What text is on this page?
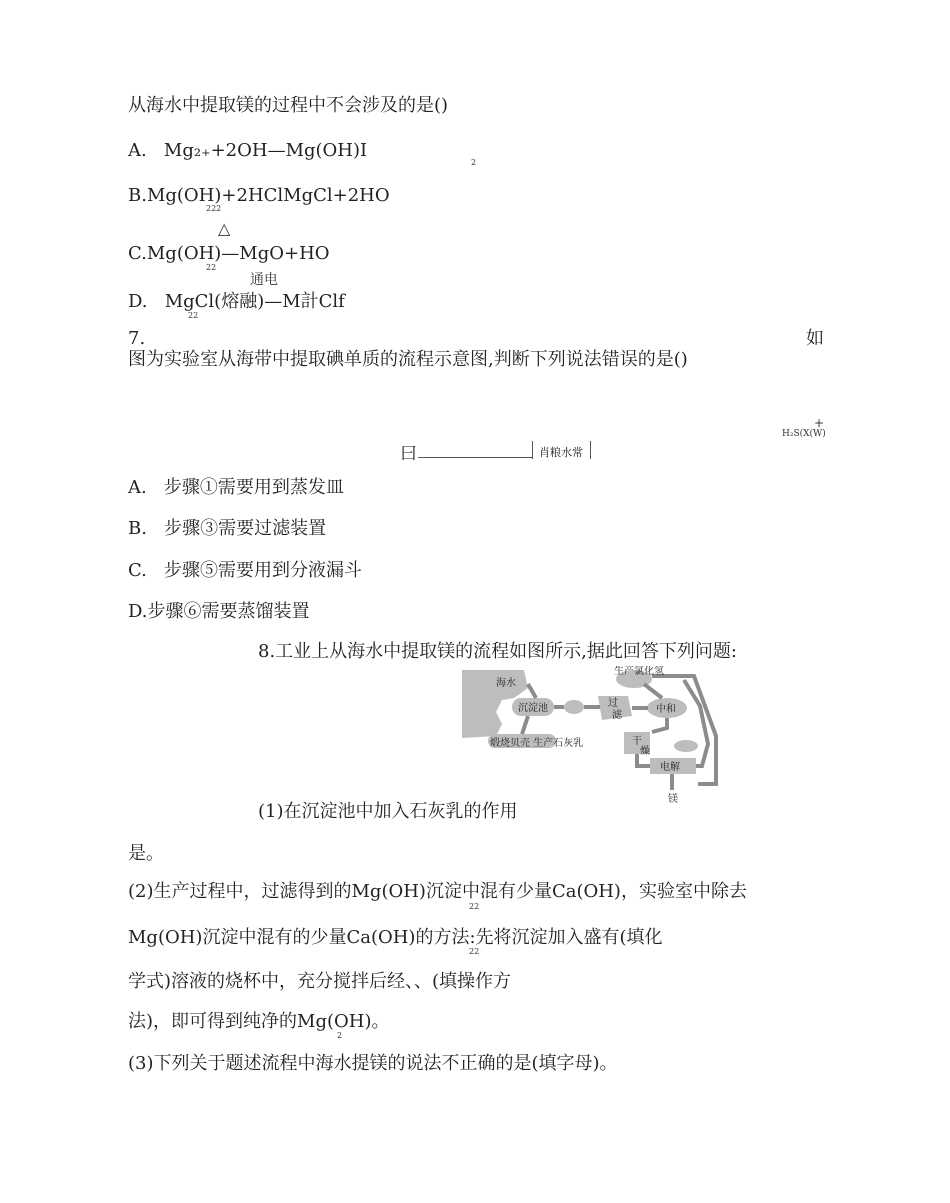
从海水中提取镁的过程中不会涉及的是()
A. Mg₂₊+2OH—Mg(OH)I
2
B.Mg(OH)+2HClMgCl+2HO
222
△
C.Mg(OH)—MgO+HO
22
通电
D. MgCl(熔融)—M計Clf
22
7.	如
图为实验室从海带中提取碘单质的流程示意图,判断下列说法错误的是()
+
H₂S(X(W)
曰	肖粮水常
A. 步骤①需要用到蒸发皿
B. 步骤③需要过滤装置
C. 步骤⑤需要用到分液漏斗
D.步骤⑥需要蒸馏装置
8.工业上从海水中提取镁的流程如图所示,据此回答下列问题:
海水
沉淀池	过
滤
中和
生产氯化氢
煅烧贝壳 生产石灰乳	干
燥
电解
镁
(1)在沉淀池中加入石灰乳的作用
是。
(2)生产过程中，过滤得到的Mg(OH)沉淀中混有少量Ca(OH)，实验室中除去
22
Mg(OH)沉淀中混有的少量Ca(OH)的方法:先将沉淀加入盛有(填化
22
学式)溶液的烧杯中，充分搅拌后经、、(填操作方
法)，即可得到纯净的Mg(OH)。
2
(3)下列关于题述流程中海水提镁的说法不正确的是(填字母)。
